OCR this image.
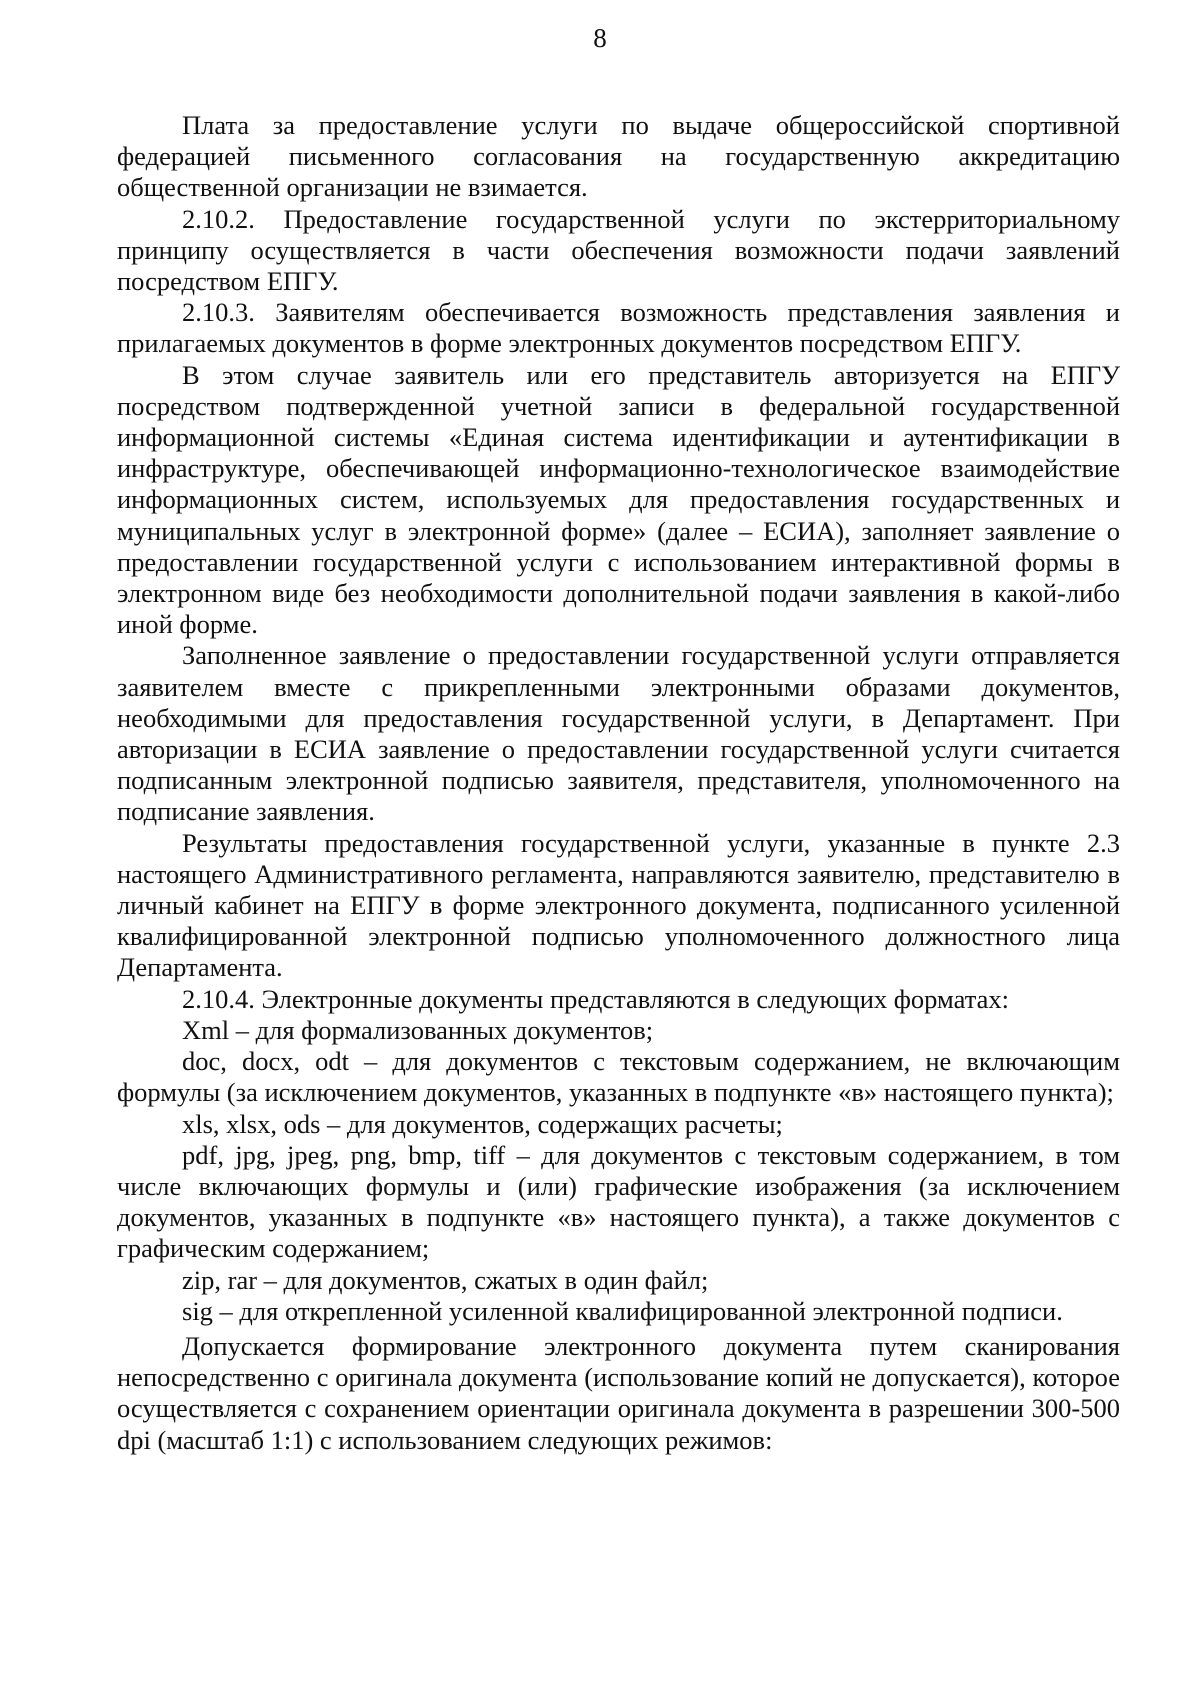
8

Плата за предоставление услуги по выдаче общероссийской спортивной федерацией письменного согласования на государственную аккредитацию общественной организации не взимается.

2.10.2. Предоставление государственной услуги по экстерриториальному принципу осуществляется в части обеспечения возможности подачи заявлений посредством ЕПГУ.

2.10.3. Заявителям обеспечивается возможность представления заявления и прилагаемых документов в форме электронных документов посредством ЕПГУ.

В этом случае заявитель или его представитель авторизуется на ЕПГУ посредством подтвержденной учетной записи в федеральной государственной информационной системы «Единая система идентификации и аутентификации в инфраструктуре, обеспечивающей информационно-технологическое взаимодействие информационных систем, используемых для предоставления государственных и муниципальных услуг в электронной форме» (далее – ЕСИА), заполняет заявление о предоставлении государственной услуги с использованием интерактивной формы в электронном виде без необходимости дополнительной подачи заявления в какой-либо иной форме.

Заполненное заявление о предоставлении государственной услуги отправляется заявителем вместе с прикрепленными электронными образами документов, необходимыми для предоставления государственной услуги, в Департамент. При авторизации в ЕСИА заявление о предоставлении государственной услуги считается подписанным электронной подписью заявителя, представителя, уполномоченного на подписание заявления.

Результаты предоставления государственной услуги, указанные в пункте 2.3 настоящего Административного регламента, направляются заявителю, представителю в личный кабинет на ЕПГУ в форме электронного документа, подписанного усиленной квалифицированной электронной подписью уполномоченного должностного лица Департамента.

2.10.4. Электронные документы представляются в следующих форматах:

Xml – для формализованных документов;

doc, docx, odt – для документов с текстовым содержанием, не включающим формулы (за исключением документов, указанных в подпункте «в» настоящего пункта);

xls, xlsx, ods – для документов, содержащих расчеты;

pdf, jpg, jpeg, png, bmp, tiff – для документов с текстовым содержанием, в том числе включающих формулы и (или) графические изображения (за исключением документов, указанных в подпункте «в» настоящего пункта), а также документов с графическим содержанием;

zip, rar – для документов, сжатых в один файл;

sig – для открепленной усиленной квалифицированной электронной подписи.

Допускается формирование электронного документа путем сканирования непосредственно с оригинала документа (использование копий не допускается), которое осуществляется с сохранением ориентации оригинала документа в разрешении 300-500 dpi (масштаб 1:1) с использованием следующих режимов:
